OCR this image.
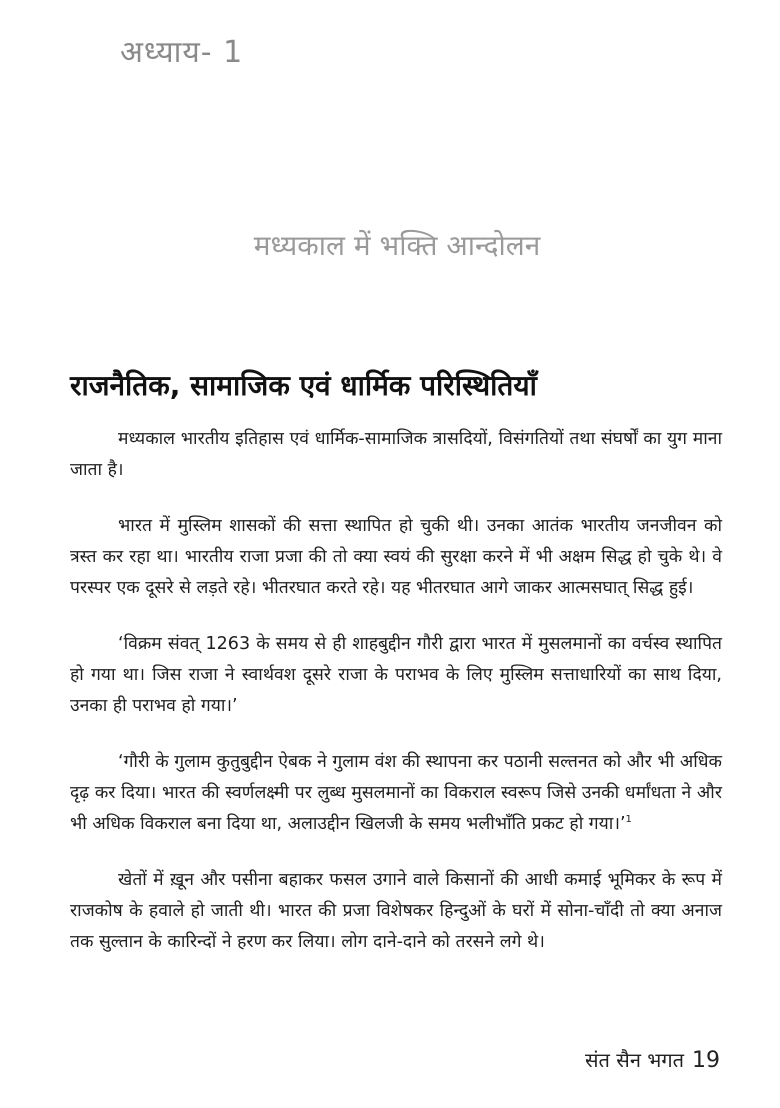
अध्याय- 1
मध्यकाल में भक्ति आन्दोलन
राजनैतिक, सामाजिक एवं धार्मिक परिस्थितियाँ

मध्यकाल भारतीय इतिहास एवं धार्मिक-सामाजिक त्रासदियों, विसंगतियों तथा संघर्षों का युग माना जाता है।

भारत में मुस्लिम शासकों की सत्ता स्थापित हो चुकी थी। उनका आतंक भारतीय जनजीवन को त्रस्त कर रहा था। भारतीय राजा प्रजा की तो क्या स्वयं की सुरक्षा करने में भी अक्षम सिद्ध हो चुके थे। वे परस्पर एक दूसरे से लड़ते रहे। भीतरघात करते रहे। यह भीतरघात आगे जाकर आत्मसघात् सिद्ध हुई।

‘विक्रम संवत् 1263 के समय से ही शाहबुद्दीन गौरी द्वारा भारत में मुसलमानों का वर्चस्व स्थापित हो गया था। जिस राजा ने स्वार्थवश दूसरे राजा के पराभव के लिए मुस्लिम सत्ताधारियों का साथ दिया, उनका ही पराभव हो गया।’

‘गौरी के गुलाम कुतुबुद्दीन ऐबक ने गुलाम वंश की स्थापना कर पठानी सल्तनत को और भी अधिक दृढ़ कर दिया। भारत की स्वर्णलक्ष्मी पर लुब्ध मुसलमानों का विकराल स्वरूप जिसे उनकी धर्मांधता ने और भी अधिक विकराल बना दिया था, अलाउद्दीन खिलजी के समय भलीभाँति प्रकट हो गया।’$^1$

खेतों में ख़ून और पसीना बहाकर फसल उगाने वाले किसानों की आधी कमाई भूमिकर के रूप में राजकोष के हवाले हो जाती थी। भारत की प्रजा विशेषकर हिन्दुओं के घरों में सोना-चाँदी तो क्या अनाज तक सुल्तान के कारिन्दों ने हरण कर लिया। लोग दाने-दाने को तरसने लगे थे।

संत सैन भगत 19
